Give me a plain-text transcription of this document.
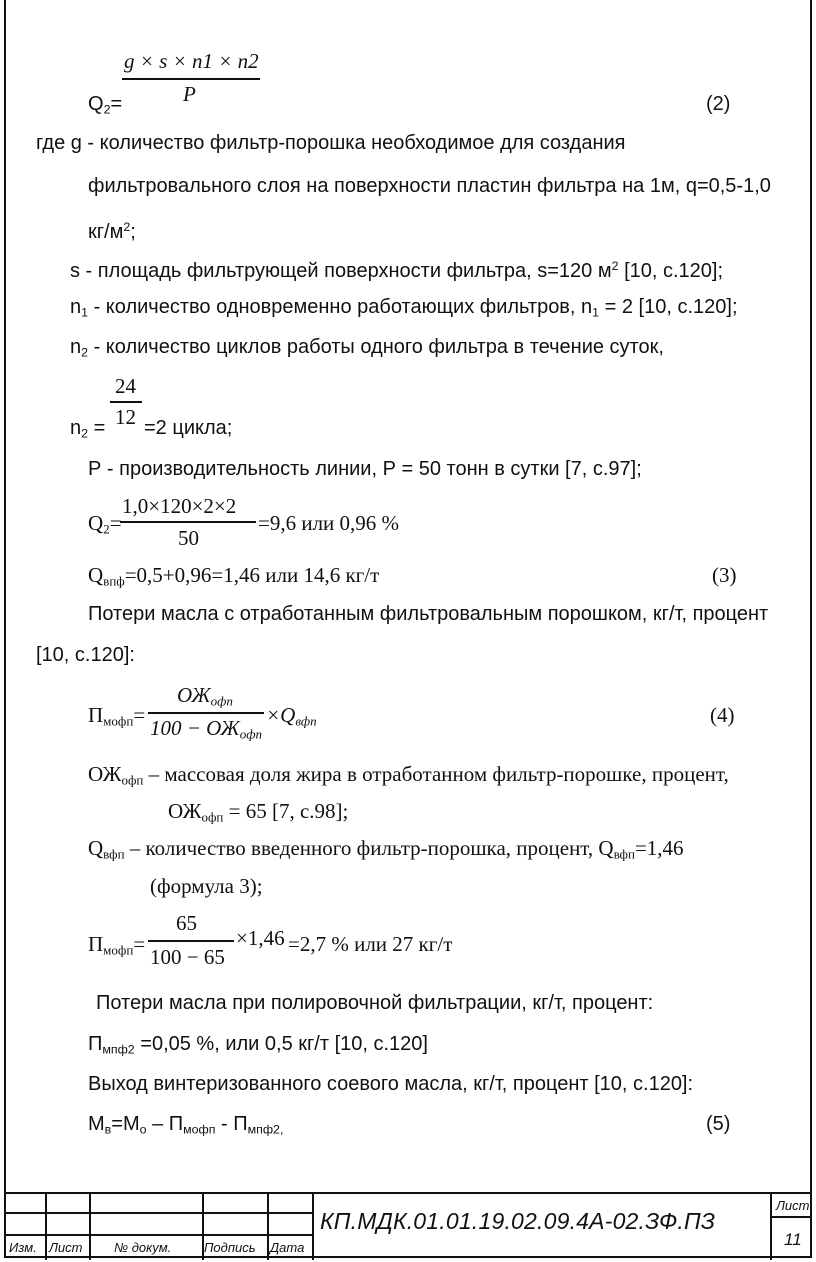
g × s × n1 × n2
P
$Q_2=$	(2)
где g - количество фильтр-порошка необходимое для создания
фильтровального слоя на поверхности пластин фильтра на 1м, q=0,5-1,0
$кг/м^2$;
s - площадь фильтрующей поверхности фильтра, s=120 $м^2$ [10, с.120];
$n_1$ - количество одновременно работающих фильтров, $n_1 = 2$ [10, с.120];
$n_2$ - количество циклов работы одного фильтра в течение суток,
24
12
$n_2 = =2$ цикла;
Р - производительность линии, Р = 50 тонн в сутки [7, с.97];
1,0×120×2×2
50
$Q_2=$	=9,6 или 0,96 %
$Q_{впф}=0,5+0,96=1,46$ или 14,6 кг/т	(3)
Потери масла с отработанным фильтровальным порошком, кг/т, процент
[10, с.120]:
$ОЖ_{офп}$
$100 - ОЖ_{офп}$
$П_{мофп}=$	$\times Q_{вфп}$	(4)
$ОЖ_{офп}$ – массовая доля жира в отработанном фильтр-порошке, процент,
$ОЖ_{офп} = 65$ [7, с.98];
$Q_{вфп}$ – количество введенного фильтр-порошка, процент, $Q_{вфп}=1,46$
(формула 3);
65
100 − 65
$П_{мофп}=$	×1,46 =2,7 % или 27 кг/т
Потери масла при полировочной фильтрации, кг/т, процент:
$П_{мпф2} =0,05$ %, или 0,5 кг/т [10, с.120]
Выход винтеризованного соевого масла, кг/т, процент [10, с.120]:
$М_в=М_о - П_{мофп} - П_{мпф2,}$	(5)
Изм. Лист № докум.	Подпись Дата
Лист
11
КП.МДК.01.01.19.02.09.4А-02.ЗФ.ПЗ
